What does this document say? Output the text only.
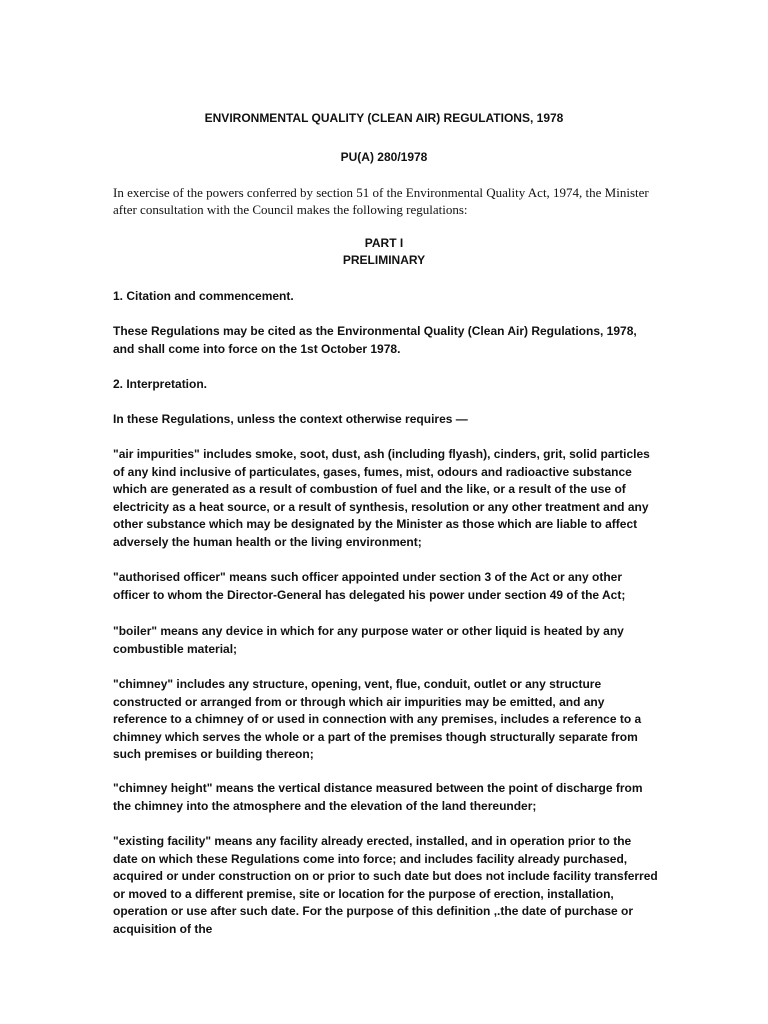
ENVIRONMENTAL QUALITY (CLEAN AIR) REGULATIONS, 1978
PU(A) 280/1978

In exercise of the powers conferred by section 51 of the Environmental Quality Act, 1974, the Minister after consultation with the Council makes the following regulations:

PART I
PRELIMINARY

1. Citation and commencement.

These Regulations may be cited as the Environmental Quality (Clean Air) Regulations, 1978, and shall come into force on the 1st October 1978.

2. Interpretation.

In these Regulations, unless the context otherwise requires —

"air impurities" includes smoke, soot, dust, ash (including flyash), cinders, grit, solid particles of any kind inclusive of particulates, gases, fumes, mist, odours and radioactive substance which are generated as a result of combustion of fuel and the like, or a result of the use of electricity as a heat source, or a result of synthesis, resolution or any other treatment and any other substance which may be designated by the Minister as those which are liable to affect adversely the human health or the living environment;

"authorised officer" means such officer appointed under section 3 of the Act or any other officer to whom the Director-General has delegated his power under section 49 of the Act;

"boiler" means any device in which for any purpose water or other liquid is heated by any combustible material;

"chimney" includes any structure, opening, vent, flue, conduit, outlet or any structure constructed or arranged from or through which air impurities may be emitted, and any reference to a chimney of or used in connection with any premises, includes a reference to a chimney which serves the whole or a part of the premises though structurally separate from such premises or building thereon;

"chimney height" means the vertical distance measured between the point of discharge from the chimney into the atmosphere and the elevation of the land thereunder;

"existing facility" means any facility already erected, installed, and in operation prior to the date on which these Regulations come into force; and includes facility already purchased, acquired or under construction on or prior to such date but does not include facility transferred or moved to a different premise, site or location for the purpose of erection, installation, operation or use after such date. For the purpose of this definition ,.the date of purchase or acquisition of the
